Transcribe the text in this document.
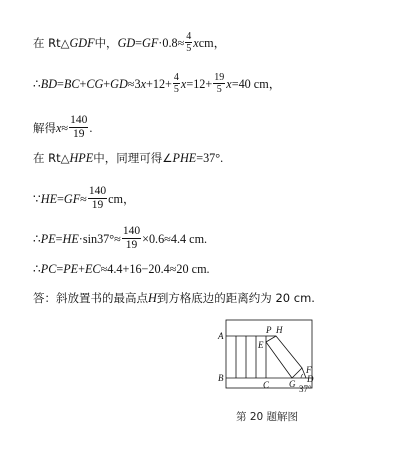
在 Rt△ GDF 中， GD = GF $\cdot 0.8\approx \frac{4}{5}$ x cm，
∴ BD = BC + CG + GD ≈3 $x +12+ \frac{4}{5}$ $x =12+ \frac{19}{5}$ x =40 cm，
解得 $x \approx \frac{140}{19}$ .
在 Rt△ HPE 中，同理可得∠ PHE =37°.
∵ HE = GF ≈ $\frac{140}{19}$ cm，
∴ PE = HE $\cdot\sin 37^\circ\approx \frac{140}{19} \times 0.6\approx 4.4$ cm.
∴ PC = PE + EC ≈4.4+16−20.4≈20 cm.
答：斜放置书的最高点 H 到方格底边的距离约为 20 cm.
A
B
C
E
P H
F
G D
37°
第 20 题解图
